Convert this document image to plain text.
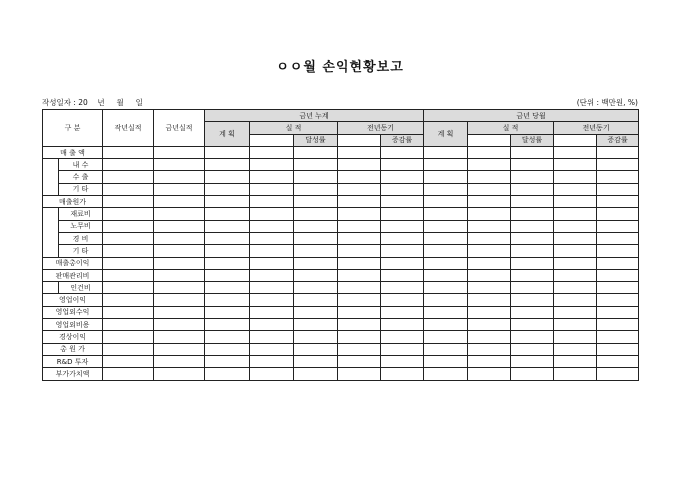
ㅇㅇ월 손익현황보고
작성일자 : 20    년     월     일	(단위 : 백만원, %)
구 분		작년실적	금년실적	금년 누계					금년 당월				
				계 획	실 적		전년동기		계 획	실 적		전년동기	
						달성률		증감률			달성률		증감률
매 출 액													
	내 수												
	수 출												
	기 타												
매출원가													
	재료비												
	노무비												
	경 비												
	기 타												
매출총이익													
판매관리비													
	인건비												
영업이익													
영업외수익													
영업외비용													
경상이익													
총 원 가													
R&D 투자													
부가가치액													
